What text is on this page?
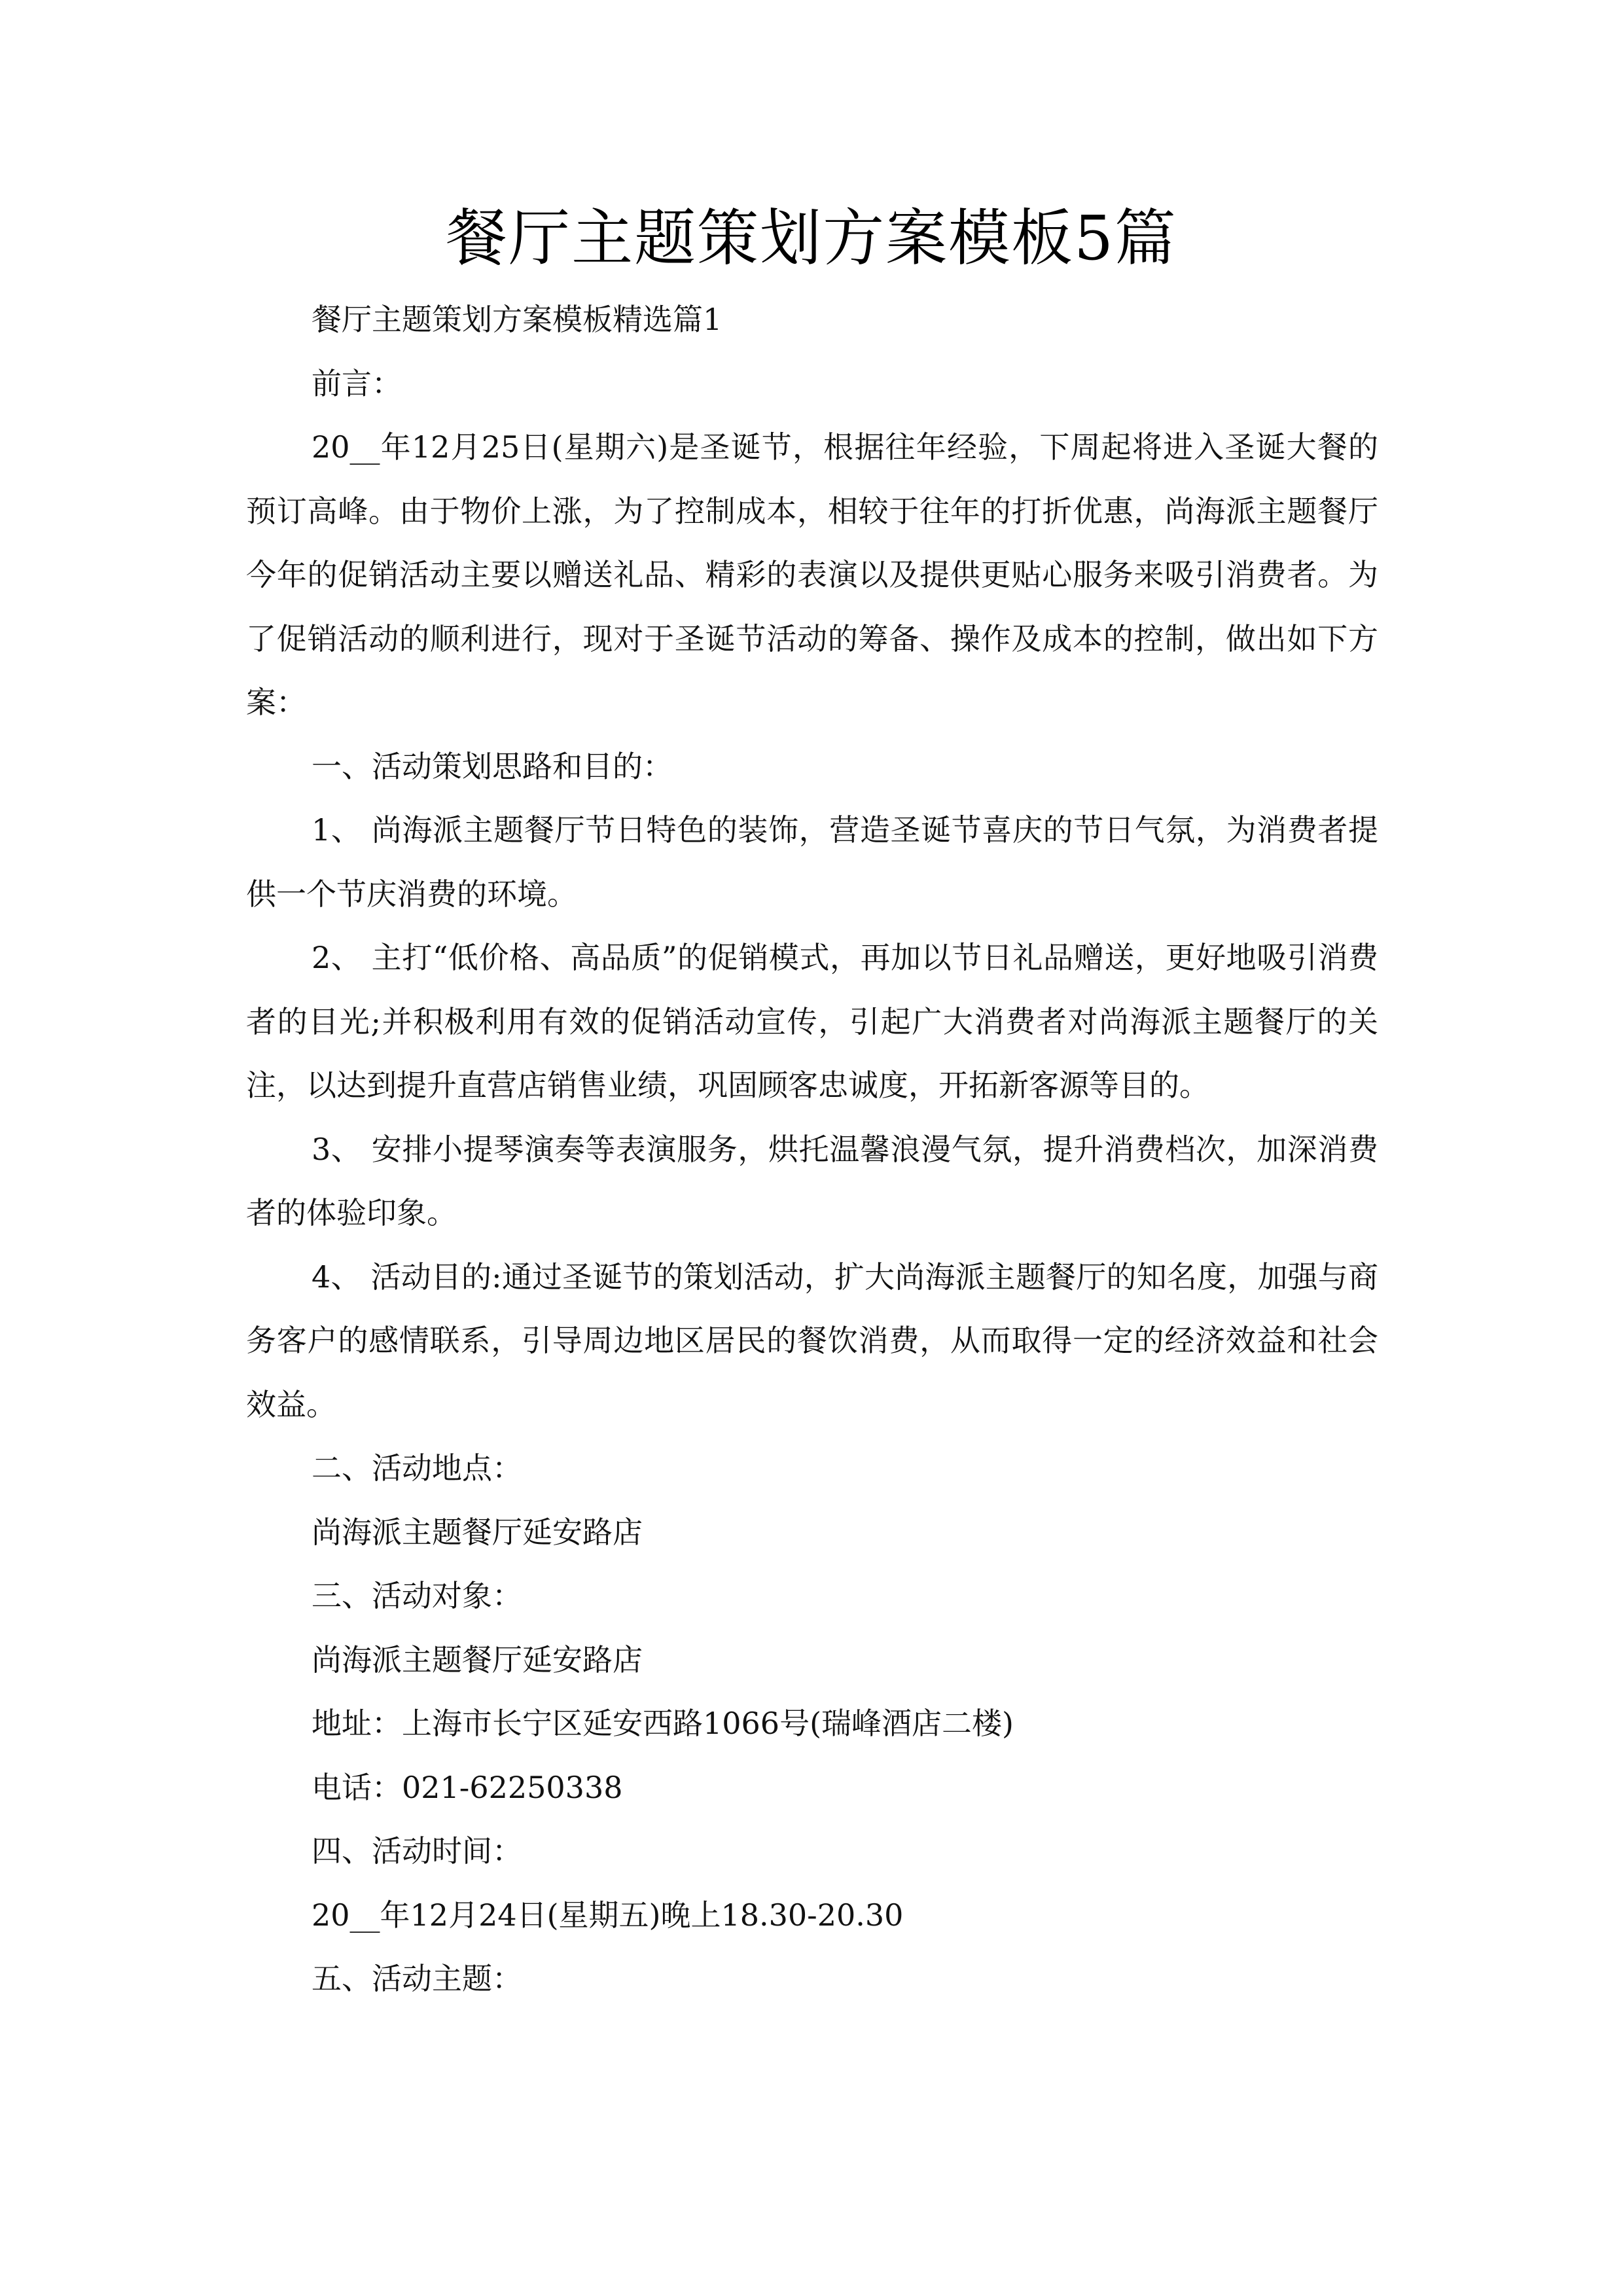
餐厅主题策划方案模板5篇

餐厅主题策划方案模板精选篇1

前言：

20__年12月25日(星期六)是圣诞节，根据往年经验，下周起将进入圣诞大餐的预订高峰。由于物价上涨，为了控制成本，相较于往年的打折优惠，尚海派主题餐厅今年的促销活动主要以赠送礼品、精彩的表演以及提供更贴心服务来吸引消费者。为了促销活动的顺利进行，现对于圣诞节活动的筹备、操作及成本的控制，做出如下方案：

一、活动策划思路和目的：

1、 尚海派主题餐厅节日特色的装饰，营造圣诞节喜庆的节日气氛，为消费者提供一个节庆消费的环境。

2、 主打“低价格、高品质”的促销模式，再加以节日礼品赠送，更好地吸引消费者的目光;并积极利用有效的促销活动宣传，引起广大消费者对尚海派主题餐厅的关注，以达到提升直营店销售业绩，巩固顾客忠诚度，开拓新客源等目的。

3、 安排小提琴演奏等表演服务，烘托温馨浪漫气氛，提升消费档次，加深消费者的体验印象。

4、 活动目的:通过圣诞节的策划活动，扩大尚海派主题餐厅的知名度，加强与商务客户的感情联系，引导周边地区居民的餐饮消费，从而取得一定的经济效益和社会效益。

二、活动地点：

尚海派主题餐厅延安路店

三、活动对象：

尚海派主题餐厅延安路店

地址：上海市长宁区延安西路1066号(瑞峰酒店二楼)

电话：021-62250338

四、活动时间：

20__年12月24日(星期五)晚上18.30-20.30

五、活动主题：
